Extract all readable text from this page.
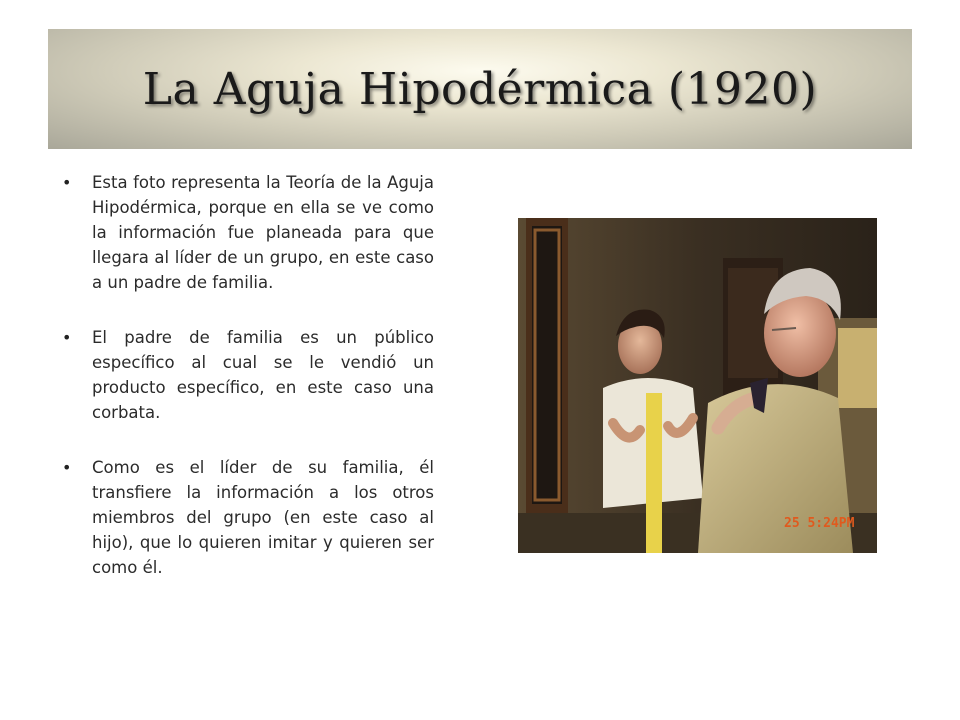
La Aguja Hipodérmica (1920)
• Esta foto representa la Teoría de la Aguja Hipodérmica, porque en ella se ve como la información fue planeada para que llegara al líder de un grupo, en este caso a un padre de familia.
• El padre de familia es un público específico al cual se le vendió un producto específico, en este caso una corbata.
• Como es el líder de su familia, él transfiere la información a los otros miembros del grupo (en este caso al hijo), que lo quieren imitar y quieren ser como él.
25 5:24PM
